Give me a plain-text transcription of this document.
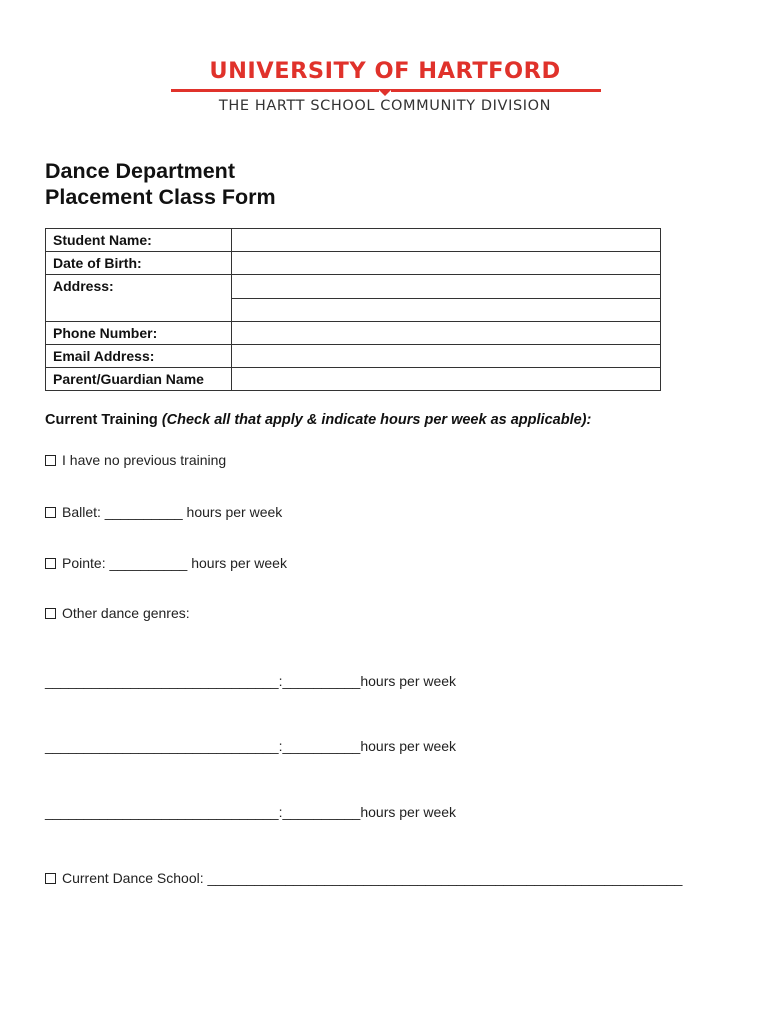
UNIVERSITY OF HARTFORD
THE HARTT SCHOOL COMMUNITY DIVISION
Dance Department
Placement Class Form
Student Name:	
Date of Birth:	
Address:	

Phone Number:	
Email Address:	
Parent/Guardian Name	
Current Training (Check all that apply & indicate hours per week as applicable):
I have no previous training
Ballet: __________ hours per week
Pointe: __________ hours per week
Other dance genres:
______________________________:__________hours per week
______________________________:__________hours per week
______________________________:__________hours per week
Current Dance School: _____________________________________________________________
